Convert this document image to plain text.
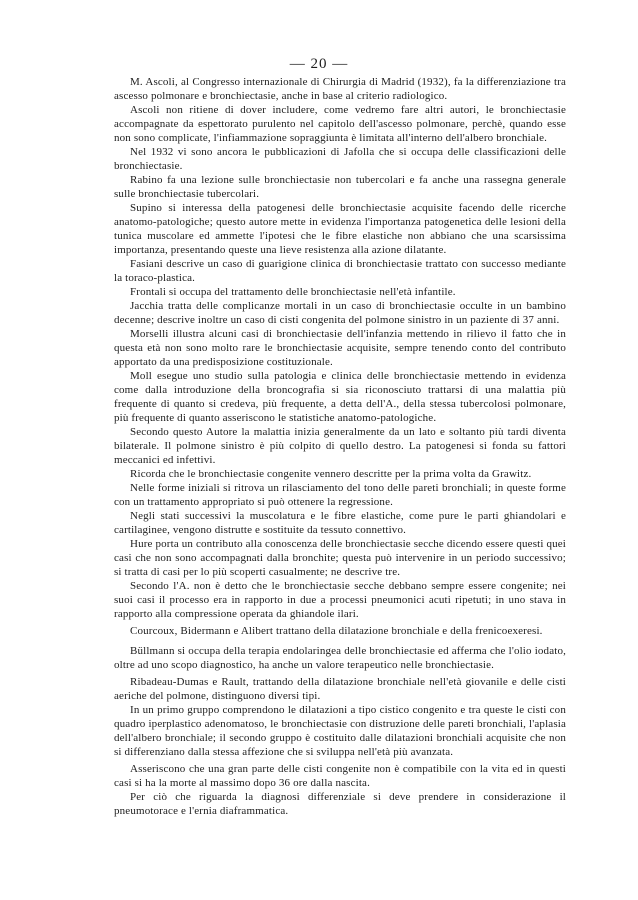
— 20 —

M. Ascoli, al Congresso internazionale di Chirurgia di Madrid (1932), fa la differenziazione tra ascesso polmonare e bronchiectasie, anche in base al criterio radiologico.

Ascoli non ritiene di dover includere, come vedremo fare altri autori, le bronchiectasie accompagnate da espettorato purulento nel capitolo dell'ascesso polmonare, perchè, quando esse non sono complicate, l'infiammazione sopraggiunta è limitata all'interno dell'albero bronchiale.

Nel 1932 vi sono ancora le pubblicazioni di Jafolla che si occupa delle classificazioni delle bronchiectasie.

Rabino fa una lezione sulle bronchiectasie non tubercolari e fa anche una rassegna generale sulle bronchiectasie tubercolari.

Supino si interessa della patogenesi delle bronchiectasie acquisite facendo delle ricerche anatomo-patologiche; questo autore mette in evidenza l'importanza patogenetica delle lesioni della tunica muscolare ed ammette l'ipotesi che le fibre elastiche non abbiano che una scarsissima importanza, presentando queste una lieve resistenza alla azione dilatante.

Fasiani descrive un caso di guarigione clinica di bronchiectasie trattato con successo mediante la toraco-plastica.

Frontali si occupa del trattamento delle bronchiectasie nell'età infantile.

Jacchia tratta delle complicanze mortali in un caso di bronchiectasie occulte in un bambino decenne; descrive inoltre un caso di cisti congenita del polmone sinistro in un paziente di 37 anni.

Morselli illustra alcuni casi di bronchiectasie dell'infanzia mettendo in rilievo il fatto che in questa età non sono molto rare le bronchiectasie acquisite, sempre tenendo conto del contributo apportato da una predisposizione costituzionale.

Moll esegue uno studio sulla patologia e clinica delle bronchiectasie mettendo in evidenza come dalla introduzione della broncografia si sia riconosciuto trattarsi di una malattia più frequente di quanto si credeva, più frequente, a detta dell'A., della stessa tubercolosi polmonare, più frequente di quanto asseriscono le statistiche anatomo-patologiche.

Secondo questo Autore la malattia inizia generalmente da un lato e soltanto più tardi diventa bilaterale. Il polmone sinistro è più colpito di quello destro. La patogenesi si fonda su fattori meccanici ed infettivi.

Ricorda che le bronchiectasie congenite vennero descritte per la prima volta da Grawitz.

Nelle forme iniziali si ritrova un rilasciamento del tono delle pareti bronchiali; in queste forme con un trattamento appropriato si può ottenere la regressione.

Negli stati successivi la muscolatura e le fibre elastiche, come pure le parti ghiandolari e cartilaginee, vengono distrutte e sostituite da tessuto connettivo.

Hure porta un contributo alla conoscenza delle bronchiectasie secche dicendo essere questi quei casi che non sono accompagnati dalla bronchite; questa può intervenire in un periodo successivo; si tratta di casi per lo più scoperti casualmente; ne descrive tre.

Secondo l'A. non è detto che le bronchiectasie secche debbano sempre essere congenite; nei suoi casi il processo era in rapporto in due a processi pneumonici acuti ripetuti; in uno stava in rapporto alla compressione operata da ghiandole ilari.

Courcoux, Bidermann e Alibert trattano della dilatazione bronchiale e della frenicoexeresi.

Büllmann si occupa della terapia endolaringea delle bronchiectasie ed afferma che l'olio iodato, oltre ad uno scopo diagnostico, ha anche un valore terapeutico nelle bronchiectasie.

Ribadeau-Dumas e Rault, trattando della dilatazione bronchiale nell'età giovanile e delle cisti aeriche del polmone, distinguono diversi tipi.

In un primo gruppo comprendono le dilatazioni a tipo cistico congenito e tra queste le cisti con quadro iperplastico adenomatoso, le bronchiectasie con distruzione delle pareti bronchiali, l'aplasia dell'albero bronchiale; il secondo gruppo è costituito dalle dilatazioni bronchiali acquisite che non si differenziano dalla stessa affezione che si sviluppa nell'età più avanzata.

Asseriscono che una gran parte delle cisti congenite non è compatibile con la vita ed in questi casi si ha la morte al massimo dopo 36 ore dalla nascita.

Per ciò che riguarda la diagnosi differenziale si deve prendere in considerazione il pneumotorace e l'ernia diaframmatica.
